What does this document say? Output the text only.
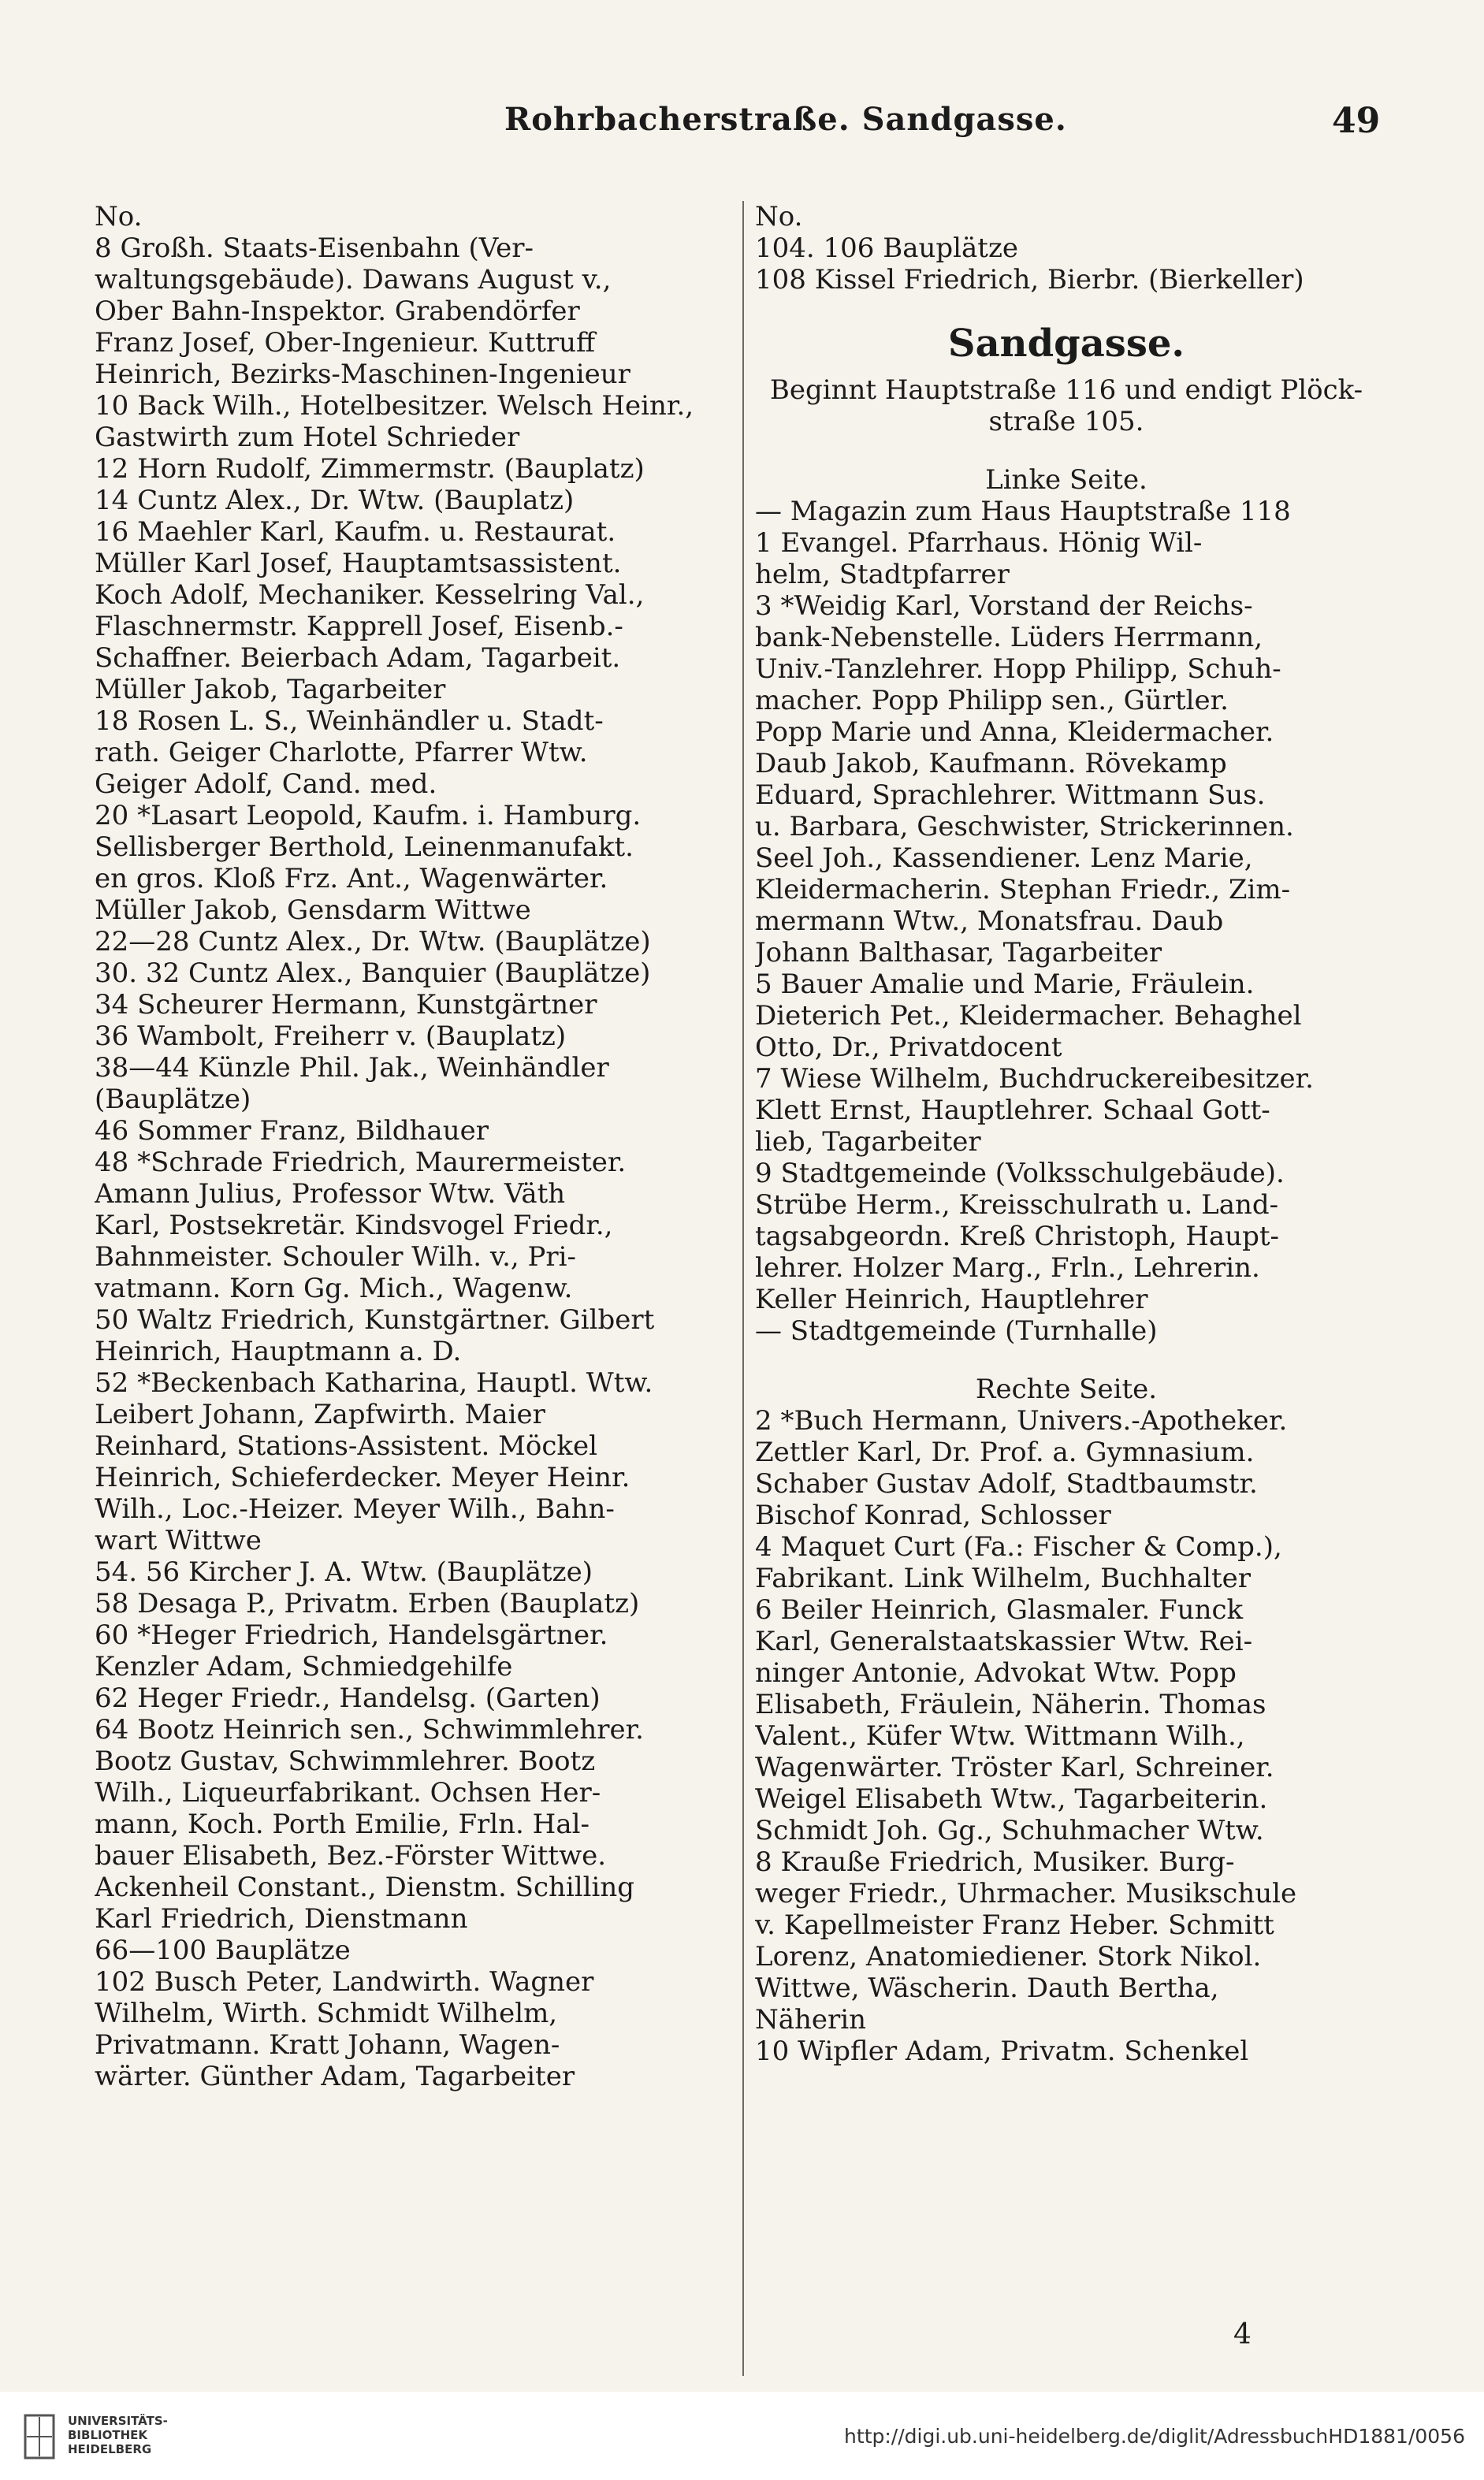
Rohrbacherstraße. Sandgasse.	49
No.
8 Großh. Staats-Eisenbahn (Ver-
waltungsgebäude). Dawans August v.,
Ober Bahn-Inspektor. Grabendörfer
Franz Josef, Ober-Ingenieur. Kuttruff
Heinrich, Bezirks-Maschinen-Ingenieur
10 Back Wilh., Hotelbesitzer. Welsch Heinr.,
Gastwirth zum Hotel Schrieder
12 Horn Rudolf, Zimmermstr. (Bauplatz)
14 Cuntz Alex., Dr. Wtw. (Bauplatz)
16 Maehler Karl, Kaufm. u. Restaurat.
Müller Karl Josef, Hauptamtsassistent.
Koch Adolf, Mechaniker. Kesselring Val.,
Flaschnermstr. Kapprell Josef, Eisenb.-
Schaffner. Beierbach Adam, Tagarbeit.
Müller Jakob, Tagarbeiter
18 Rosen L. S., Weinhändler u. Stadt-
rath. Geiger Charlotte, Pfarrer Wtw.
Geiger Adolf, Cand. med.
20 *Lasart Leopold, Kaufm. i. Hamburg.
Sellisberger Berthold, Leinenmanufakt.
en gros. Kloß Frz. Ant., Wagenwärter.
Müller Jakob, Gensdarm Wittwe
22—28 Cuntz Alex., Dr. Wtw. (Bauplätze)
30. 32 Cuntz Alex., Banquier (Bauplätze)
34 Scheurer Hermann, Kunstgärtner
36 Wambolt, Freiherr v. (Bauplatz)
38—44 Künzle Phil. Jak., Weinhändler
(Bauplätze)
46 Sommer Franz, Bildhauer
48 *Schrade Friedrich, Maurermeister.
Amann Julius, Professor Wtw. Väth
Karl, Postsekretär. Kindsvogel Friedr.,
Bahnmeister. Schouler Wilh. v., Pri-
vatmann. Korn Gg. Mich., Wagenw.
50 Waltz Friedrich, Kunstgärtner. Gilbert
Heinrich, Hauptmann a. D.
52 *Beckenbach Katharina, Hauptl. Wtw.
Leibert Johann, Zapfwirth. Maier
Reinhard, Stations-Assistent. Möckel
Heinrich, Schieferdecker. Meyer Heinr.
Wilh., Loc.-Heizer. Meyer Wilh., Bahn-
wart Wittwe
54. 56 Kircher J. A. Wtw. (Bauplätze)
58 Desaga P., Privatm. Erben (Bauplatz)
60 *Heger Friedrich, Handelsgärtner.
Kenzler Adam, Schmiedgehilfe
62 Heger Friedr., Handelsg. (Garten)
64 Bootz Heinrich sen., Schwimmlehrer.
Bootz Gustav, Schwimmlehrer. Bootz
Wilh., Liqueurfabrikant. Ochsen Her-
mann, Koch. Porth Emilie, Frln. Hal-
bauer Elisabeth, Bez.-Förster Wittwe.
Ackenheil Constant., Dienstm. Schilling
Karl Friedrich, Dienstmann
66—100 Bauplätze
102 Busch Peter, Landwirth. Wagner
Wilhelm, Wirth. Schmidt Wilhelm,
Privatmann. Kratt Johann, Wagen-
wärter. Günther Adam, Tagarbeiter
No.
104. 106 Bauplätze
108 Kissel Friedrich, Bierbr. (Bierkeller)
Sandgasse.
Beginnt Hauptstraße 116 und endigt Plöck-
straße 105.
Linke Seite.
— Magazin zum Haus Hauptstraße 118
1 Evangel. Pfarrhaus. Hönig Wil-
helm, Stadtpfarrer
3 *Weidig Karl, Vorstand der Reichs-
bank-Nebenstelle. Lüders Herrmann,
Univ.-Tanzlehrer. Hopp Philipp, Schuh-
macher. Popp Philipp sen., Gürtler.
Popp Marie und Anna, Kleidermacher.
Daub Jakob, Kaufmann. Rövekamp
Eduard, Sprachlehrer. Wittmann Sus.
u. Barbara, Geschwister, Strickerinnen.
Seel Joh., Kassendiener. Lenz Marie,
Kleidermacherin. Stephan Friedr., Zim-
mermann Wtw., Monatsfrau. Daub
Johann Balthasar, Tagarbeiter
5 Bauer Amalie und Marie, Fräulein.
Dieterich Pet., Kleidermacher. Behaghel
Otto, Dr., Privatdocent
7 Wiese Wilhelm, Buchdruckereibesitzer.
Klett Ernst, Hauptlehrer. Schaal Gott-
lieb, Tagarbeiter
9 Stadtgemeinde (Volksschulgebäude).
Strübe Herm., Kreisschulrath u. Land-
tagsabgeordn. Kreß Christoph, Haupt-
lehrer. Holzer Marg., Frln., Lehrerin.
Keller Heinrich, Hauptlehrer
— Stadtgemeinde (Turnhalle)
Rechte Seite.
2 *Buch Hermann, Univers.-Apotheker.
Zettler Karl, Dr. Prof. a. Gymnasium.
Schaber Gustav Adolf, Stadtbaumstr.
Bischof Konrad, Schlosser
4 Maquet Curt (Fa.: Fischer & Comp.),
Fabrikant. Link Wilhelm, Buchhalter
6 Beiler Heinrich, Glasmaler. Funck
Karl, Generalstaatskassier Wtw. Rei-
ninger Antonie, Advokat Wtw. Popp
Elisabeth, Fräulein, Näherin. Thomas
Valent., Küfer Wtw. Wittmann Wilh.,
Wagenwärter. Tröster Karl, Schreiner.
Weigel Elisabeth Wtw., Tagarbeiterin.
Schmidt Joh. Gg., Schuhmacher Wtw.
8 Krauße Friedrich, Musiker. Burg-
weger Friedr., Uhrmacher. Musikschule
v. Kapellmeister Franz Heber. Schmitt
Lorenz, Anatomiediener. Stork Nikol.
Wittwe, Wäscherin. Dauth Bertha,
Näherin
10 Wipfler Adam, Privatm. Schenkel
4
UNIVERSITÄTS-
BIBLIOTHEK
HEIDELBERG
http://digi.ub.uni-heidelberg.de/diglit/AdressbuchHD1881/0056
